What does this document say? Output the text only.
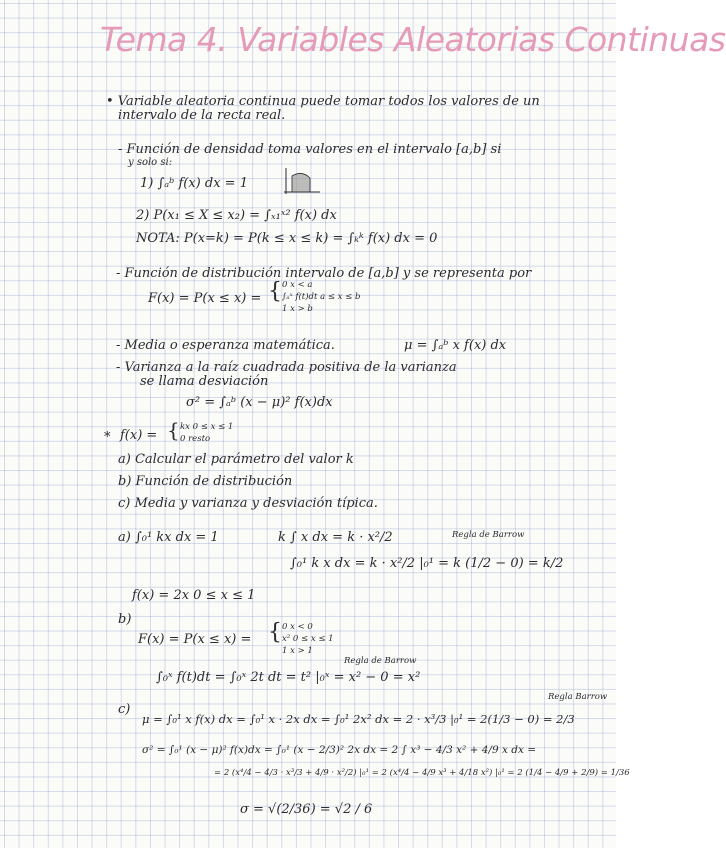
Tema 4. Variables Aleatorias Continuas
• Variable aleatoria continua puede tomar todos los valores de un
intervalo de la recta real.
- Función de densidad toma valores en el intervalo [a,b] si
y solo si:
1) ∫ₐᵇ f(x) dx = 1
2) P(x₁ ≤ X ≤ x₂) = ∫ₓ₁ˣ² f(x) dx
NOTA: P(x=k) = P(k ≤ x ≤ k) = ∫ₖᵏ f(x) dx = 0
- Función de distribución intervalo de [a,b] y se representa por
F(x) = P(x ≤ x) = { 0 x < a
∫ₐˣ f(t)dt a ≤ x ≤ b
1 x > b
- Media o esperanza matemática.	μ = ∫ₐᵇ x f(x) dx
- Varianza a la raíz cuadrada positiva de la varianza
se llama desviación
σ² = ∫ₐᵇ (x − μ)² f(x)dx
* f(x) = { kx 0 ≤ x ≤ 1
0 resto
a) Calcular el parámetro del valor k
b) Función de distribución
c) Media y varianza y desviación típica.
a) ∫₀¹ kx dx = 1	k ∫ x dx = k · x²/2	Regla de Barrow
∫₀¹ k x dx = k · x²/2 |₀¹ = k (1/2 − 0) = k/2
f(x) = 2x 0 ≤ x ≤ 1
b)
F(x) = P(x ≤ x) = { 0 x < 0
x² 0 ≤ x ≤ 1
1 x > 1
Regla de Barrow
∫₀ˣ f(t)dt = ∫₀ˣ 2t dt = t² |₀ˣ = x² − 0 = x²
c)
Regla Barrow
μ = ∫₀¹ x f(x) dx = ∫₀¹ x · 2x dx = ∫₀¹ 2x² dx = 2 · x³/3 |₀¹ = 2(1/3 − 0) = 2/3
σ² = ∫₀¹ (x − μ)² f(x)dx = ∫₀¹ (x − 2/3)² 2x dx = 2 ∫ x³ − 4/3 x² + 4/9 x dx =
= 2 (x⁴/4 − 4/3 · x³/3 + 4/9 · x²/2) |₀¹ = 2 (x⁴/4 − 4/9 x³ + 4/18 x²) |₀¹ = 2 (1/4 − 4/9 + 2/9) = 1/36
σ = √(2/36) = √2 / 6
